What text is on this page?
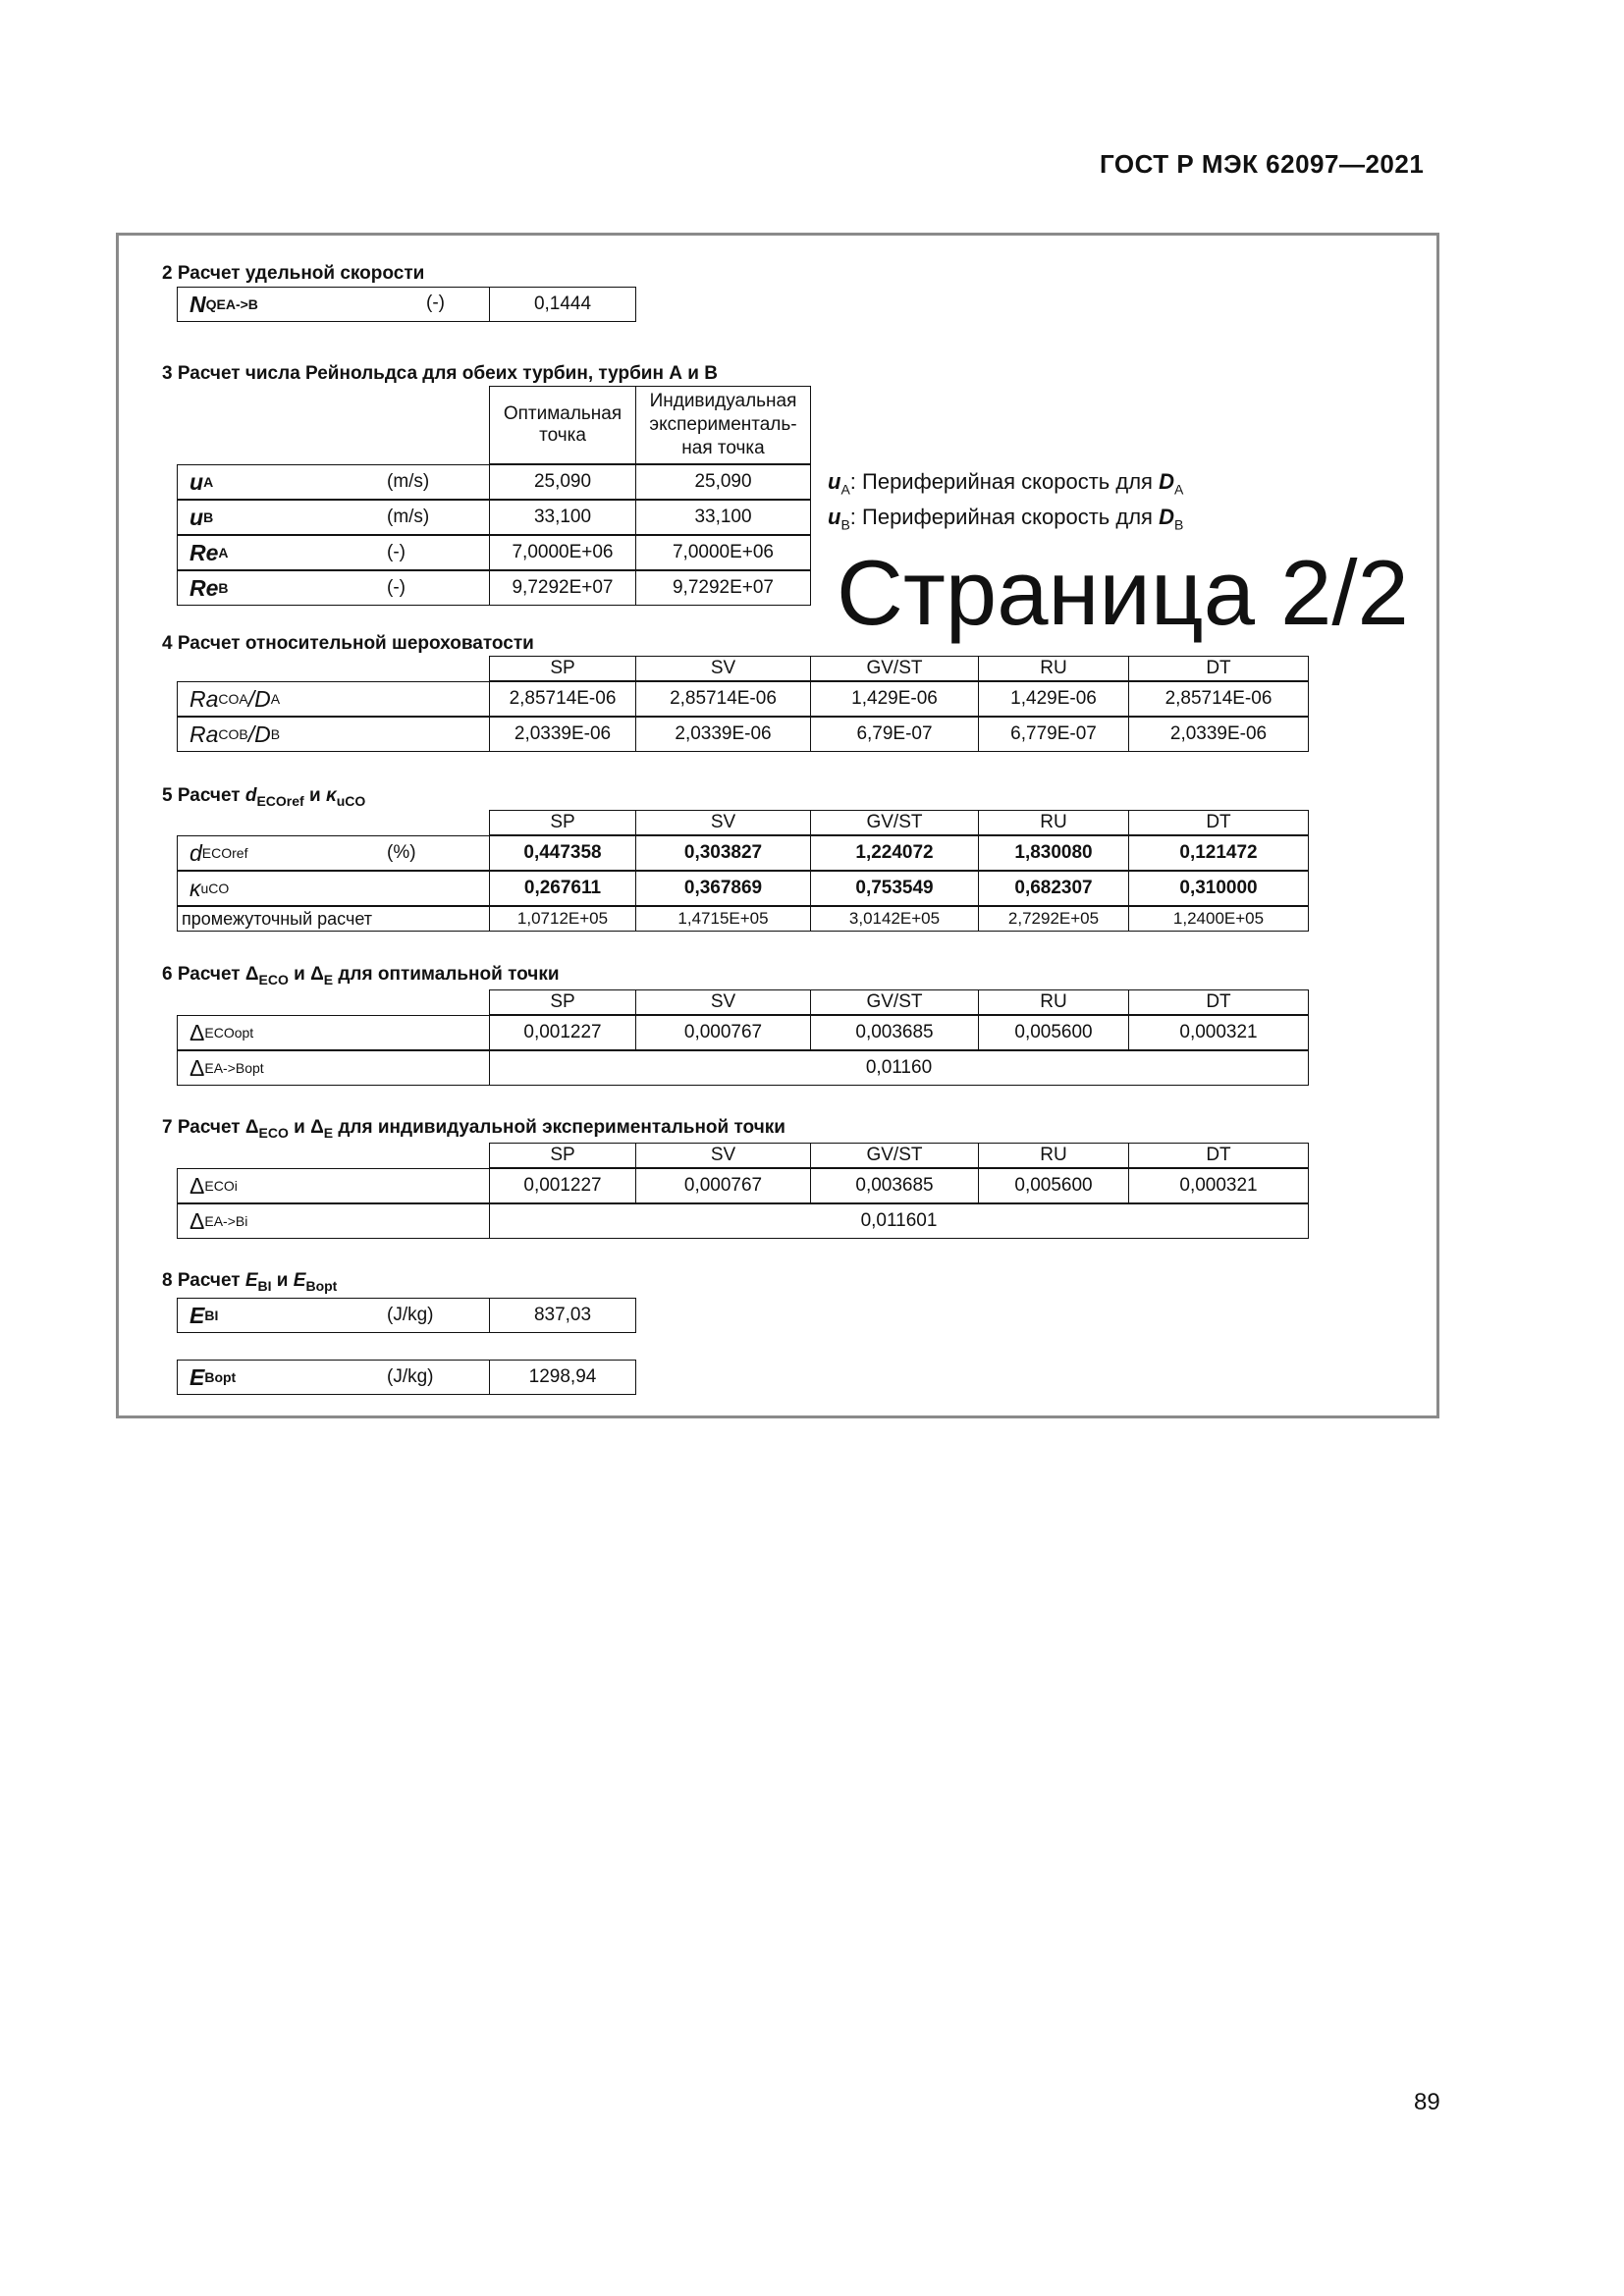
ГОСТ Р МЭК 62097—2021
2 Расчет удельной скорости
N QEA->B	(-)	0,1444
3 Расчет числа Рейнольдса для обеих турбин, турбин А и В
Оптимальная точка
Индивидуальная эксперименталь-ная точка
u A	(m/s)	25,090	25,090
u B	(m/s)	33,100	33,100
Re A	(-)	7,0000E+06	7,0000E+06
Re B	(-)	9,7292E+07	9,7292E+07
$u_A$: Периферийная скорость для $D_A$
$u_B$: Периферийная скорость для $D_B$
Страница 2/2
4 Расчет относительной шероховатости
SP	SV	GV/ST	RU	DT
Ra COA /D A	2,85714E-06	2,85714E-06	1,429E-06	1,429E-06	2,85714E-06
Ra COB /D B	2,0339E-06	2,0339E-06	6,79E-07	6,779E-07	2,0339E-06
5 Расчет $d_{ECOref}$ и $\kappa_{uCO}$
SP	SV	GV/ST	RU	DT
d ECOref	(%)	0,447358	0,303827	1,224072	1,830080	0,121472
κ uCO	0,267611	0,367869	0,753549	0,682307	0,310000
промежуточный расчет	1,0712E+05	1,4715E+05	3,0142E+05	2,7292E+05	1,2400E+05
6 Расчет $\Delta_{ECO}$ и $\Delta_E$ для оптимальной точки
SP	SV	GV/ST	RU	DT
Δ ECOopt	0,001227	0,000767	0,003685	0,005600	0,000321
Δ EA->Bopt	0,01160
7 Расчет $\Delta_{ECO}$ и $\Delta_E$ для индивидуальной экспериментальной точки
SP	SV	GV/ST	RU	DT
Δ ECOi	0,001227	0,000767	0,003685	0,005600	0,000321
Δ EA->Bi	0,011601
8 Расчет $E_{BI}$ и $E_{Bopt}$
E BI	(J/kg)	837,03
E Bopt	(J/kg)	1298,94
89
